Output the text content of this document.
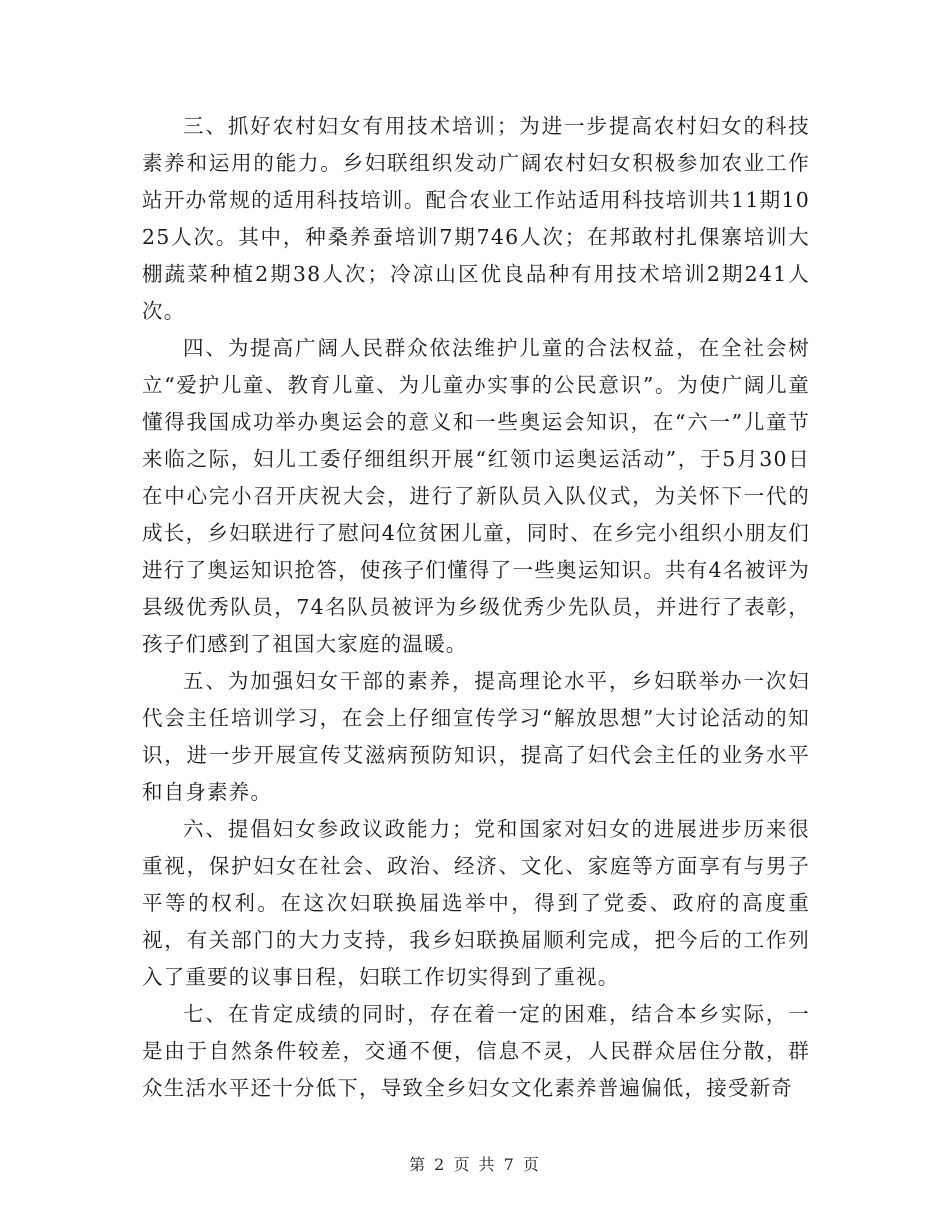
三、抓好农村妇女有用技术培训；为进一步提高农村妇女的科技素养和运用的能力。乡妇联组织发动广阔农村妇女积极参加农业工作站开办常规的适用科技培训。配合农业工作站适用科技培训共11期1025人次。其中，种桑养蚕培训7期746人次；在邦敢村扎倮寨培训大棚蔬菜种植2期38人次；冷凉山区优良品种有用技术培训2期241人次。

四、为提高广阔人民群众依法维护儿童的合法权益，在全社会树立“爱护儿童、教育儿童、为儿童办实事的公民意识”。为使广阔儿童懂得我国成功举办奥运会的意义和一些奥运会知识，在“六一”儿童节来临之际，妇儿工委仔细组织开展“红领巾运奥运活动”，于5月30日在中心完小召开庆祝大会，进行了新队员入队仪式，为关怀下一代的成长，乡妇联进行了慰问4位贫困儿童，同时、在乡完小组织小朋友们进行了奥运知识抢答，使孩子们懂得了一些奥运知识。共有4名被评为县级优秀队员，74名队员被评为乡级优秀少先队员，并进行了表彰，孩子们感到了祖国大家庭的温暖。

五、为加强妇女干部的素养，提高理论水平，乡妇联举办一次妇代会主任培训学习，在会上仔细宣传学习“解放思想”大讨论活动的知识，进一步开展宣传艾滋病预防知识，提高了妇代会主任的业务水平和自身素养。

六、提倡妇女参政议政能力；党和国家对妇女的进展进步历来很重视，保护妇女在社会、政治、经济、文化、家庭等方面享有与男子平等的权利。在这次妇联换届选举中，得到了党委、政府的高度重视，有关部门的大力支持，我乡妇联换届顺利完成，把今后的工作列入了重要的议事日程，妇联工作切实得到了重视。

七、在肯定成绩的同时，存在着一定的困难，结合本乡实际，一是由于自然条件较差，交通不便，信息不灵，人民群众居住分散，群众生活水平还十分低下，导致全乡妇女文化素养普遍偏低，接受新奇

第 2 页 共 7 页
